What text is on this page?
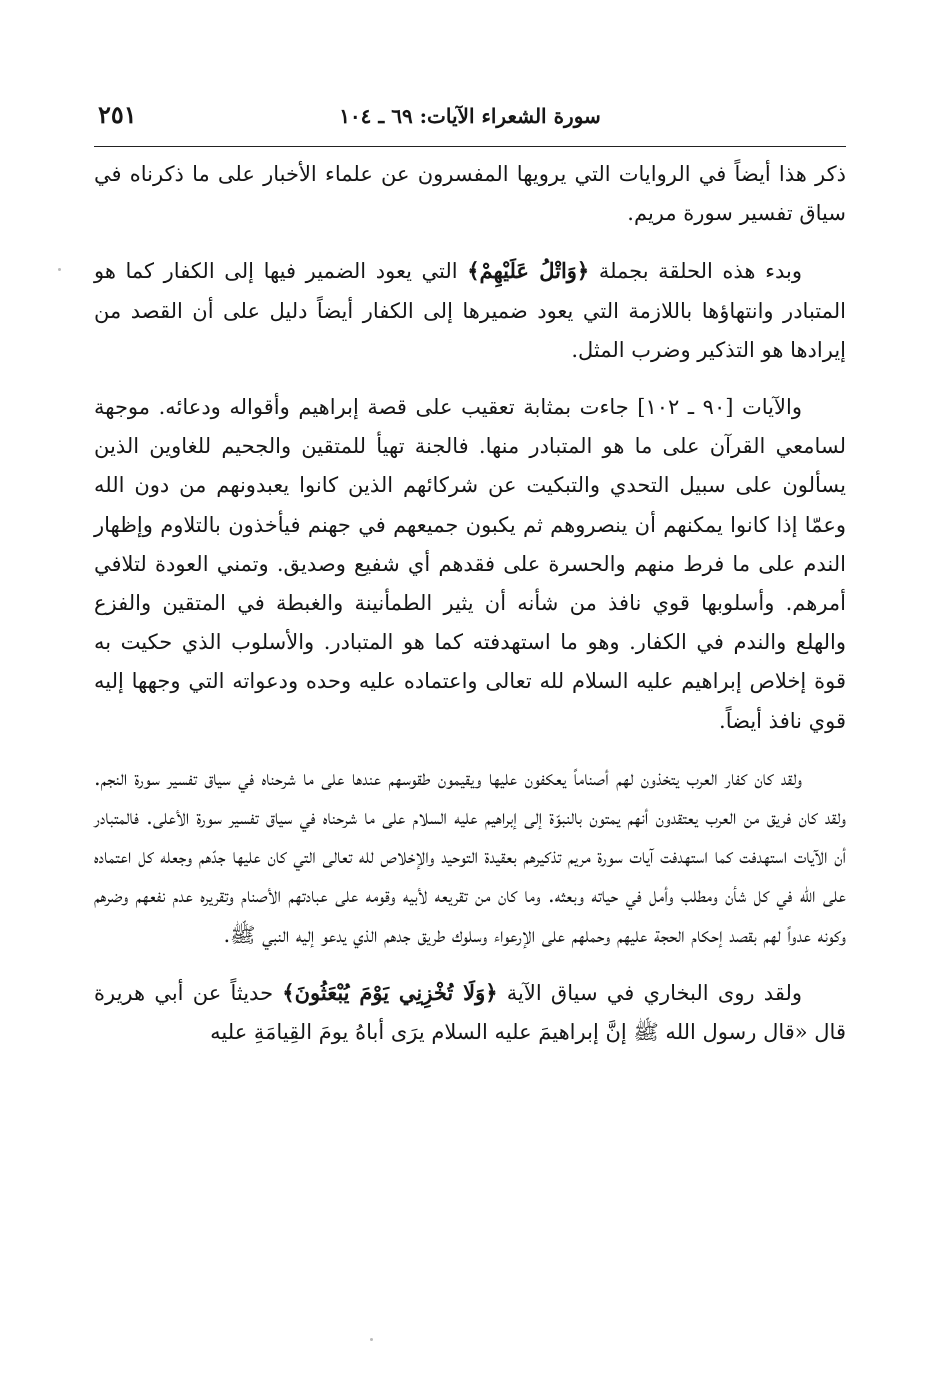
سورة الشعراء الآيات: ٦٩ ـ ١٠٤
٢٥١

ذكر هذا أيضاً في الروايات التي يرويها المفسرون عن علماء الأخبار على ما ذكرناه في سياق تفسير سورة مريم.

وبدء هذه الحلقة بجملة ﴿وَاتْلُ عَلَيْهِمْ﴾ التي يعود الضمير فيها إلى الكفار كما هو المتبادر وانتهاؤها باللازمة التي يعود ضميرها إلى الكفار أيضاً دليل على أن القصد من إيرادها هو التذكير وضرب المثل.

والآيات [٩٠ ـ ١٠٢] جاءت بمثابة تعقيب على قصة إبراهيم وأقواله ودعائه. موجهة لسامعي القرآن على ما هو المتبادر منها. فالجنة تهيأ للمتقين والجحيم للغاوين الذين يسألون على سبيل التحدي والتبكيت عن شركائهم الذين كانوا يعبدونهم من دون الله وعمّا إذا كانوا يمكنهم أن ينصروهم ثم يكبون جميعهم في جهنم فيأخذون بالتلاوم وإظهار الندم على ما فرط منهم والحسرة على فقدهم أي شفيع وصديق. وتمني العودة لتلافي أمرهم. وأسلوبها قوي نافذ من شأنه أن يثير الطمأنينة والغبطة في المتقين والفزع والهلع والندم في الكفار. وهو ما استهدفته كما هو المتبادر. والأسلوب الذي حكيت به قوة إخلاص إبراهيم عليه السلام لله تعالى واعتماده عليه وحده ودعواته التي وجهها إليه قوي نافذ أيضاً.

ولقد كان كفار العرب يتخذون لهم أصناماً يعكفون عليها ويقيمون طقوسهم عندها على ما شرحناه في سياق تفسير سورة النجم. ولقد كان فريق من العرب يعتقدون أنهم يمتون بالنبوّة إلى إبراهيم عليه السلام على ما شرحناه في سياق تفسير سورة الأعلى. فالمتبادر أن الآيات استهدفت كما استهدفت آيات سورة مريم تذكيرهم بعقيدة التوحيد والإخلاص لله تعالى التي كان عليها جدّهم وجعله كل اعتماده على الله في كل شأن ومطلب وأمل في حياته وبعثه. وما كان من تقريعه لأبيه وقومه على عبادتهم الأصنام وتقريره عدم نفعهم وضرهم وكونه عدواً لهم بقصد إحكام الحجة عليهم وحملهم على الإرعواء وسلوك طريق جدهم الذي يدعو إليه النبي ﷺ.

ولقد روى البخاري في سياق الآية ﴿وَلَا تُخْزِنِي يَوْمَ يُبْعَثُونَ﴾ حديثاً عن أبي هريرة قال «قال رسول الله ﷺ إنَّ إبراهيمَ عليه السلام يرَى أباهُ يومَ القِيامَةِ عليه
